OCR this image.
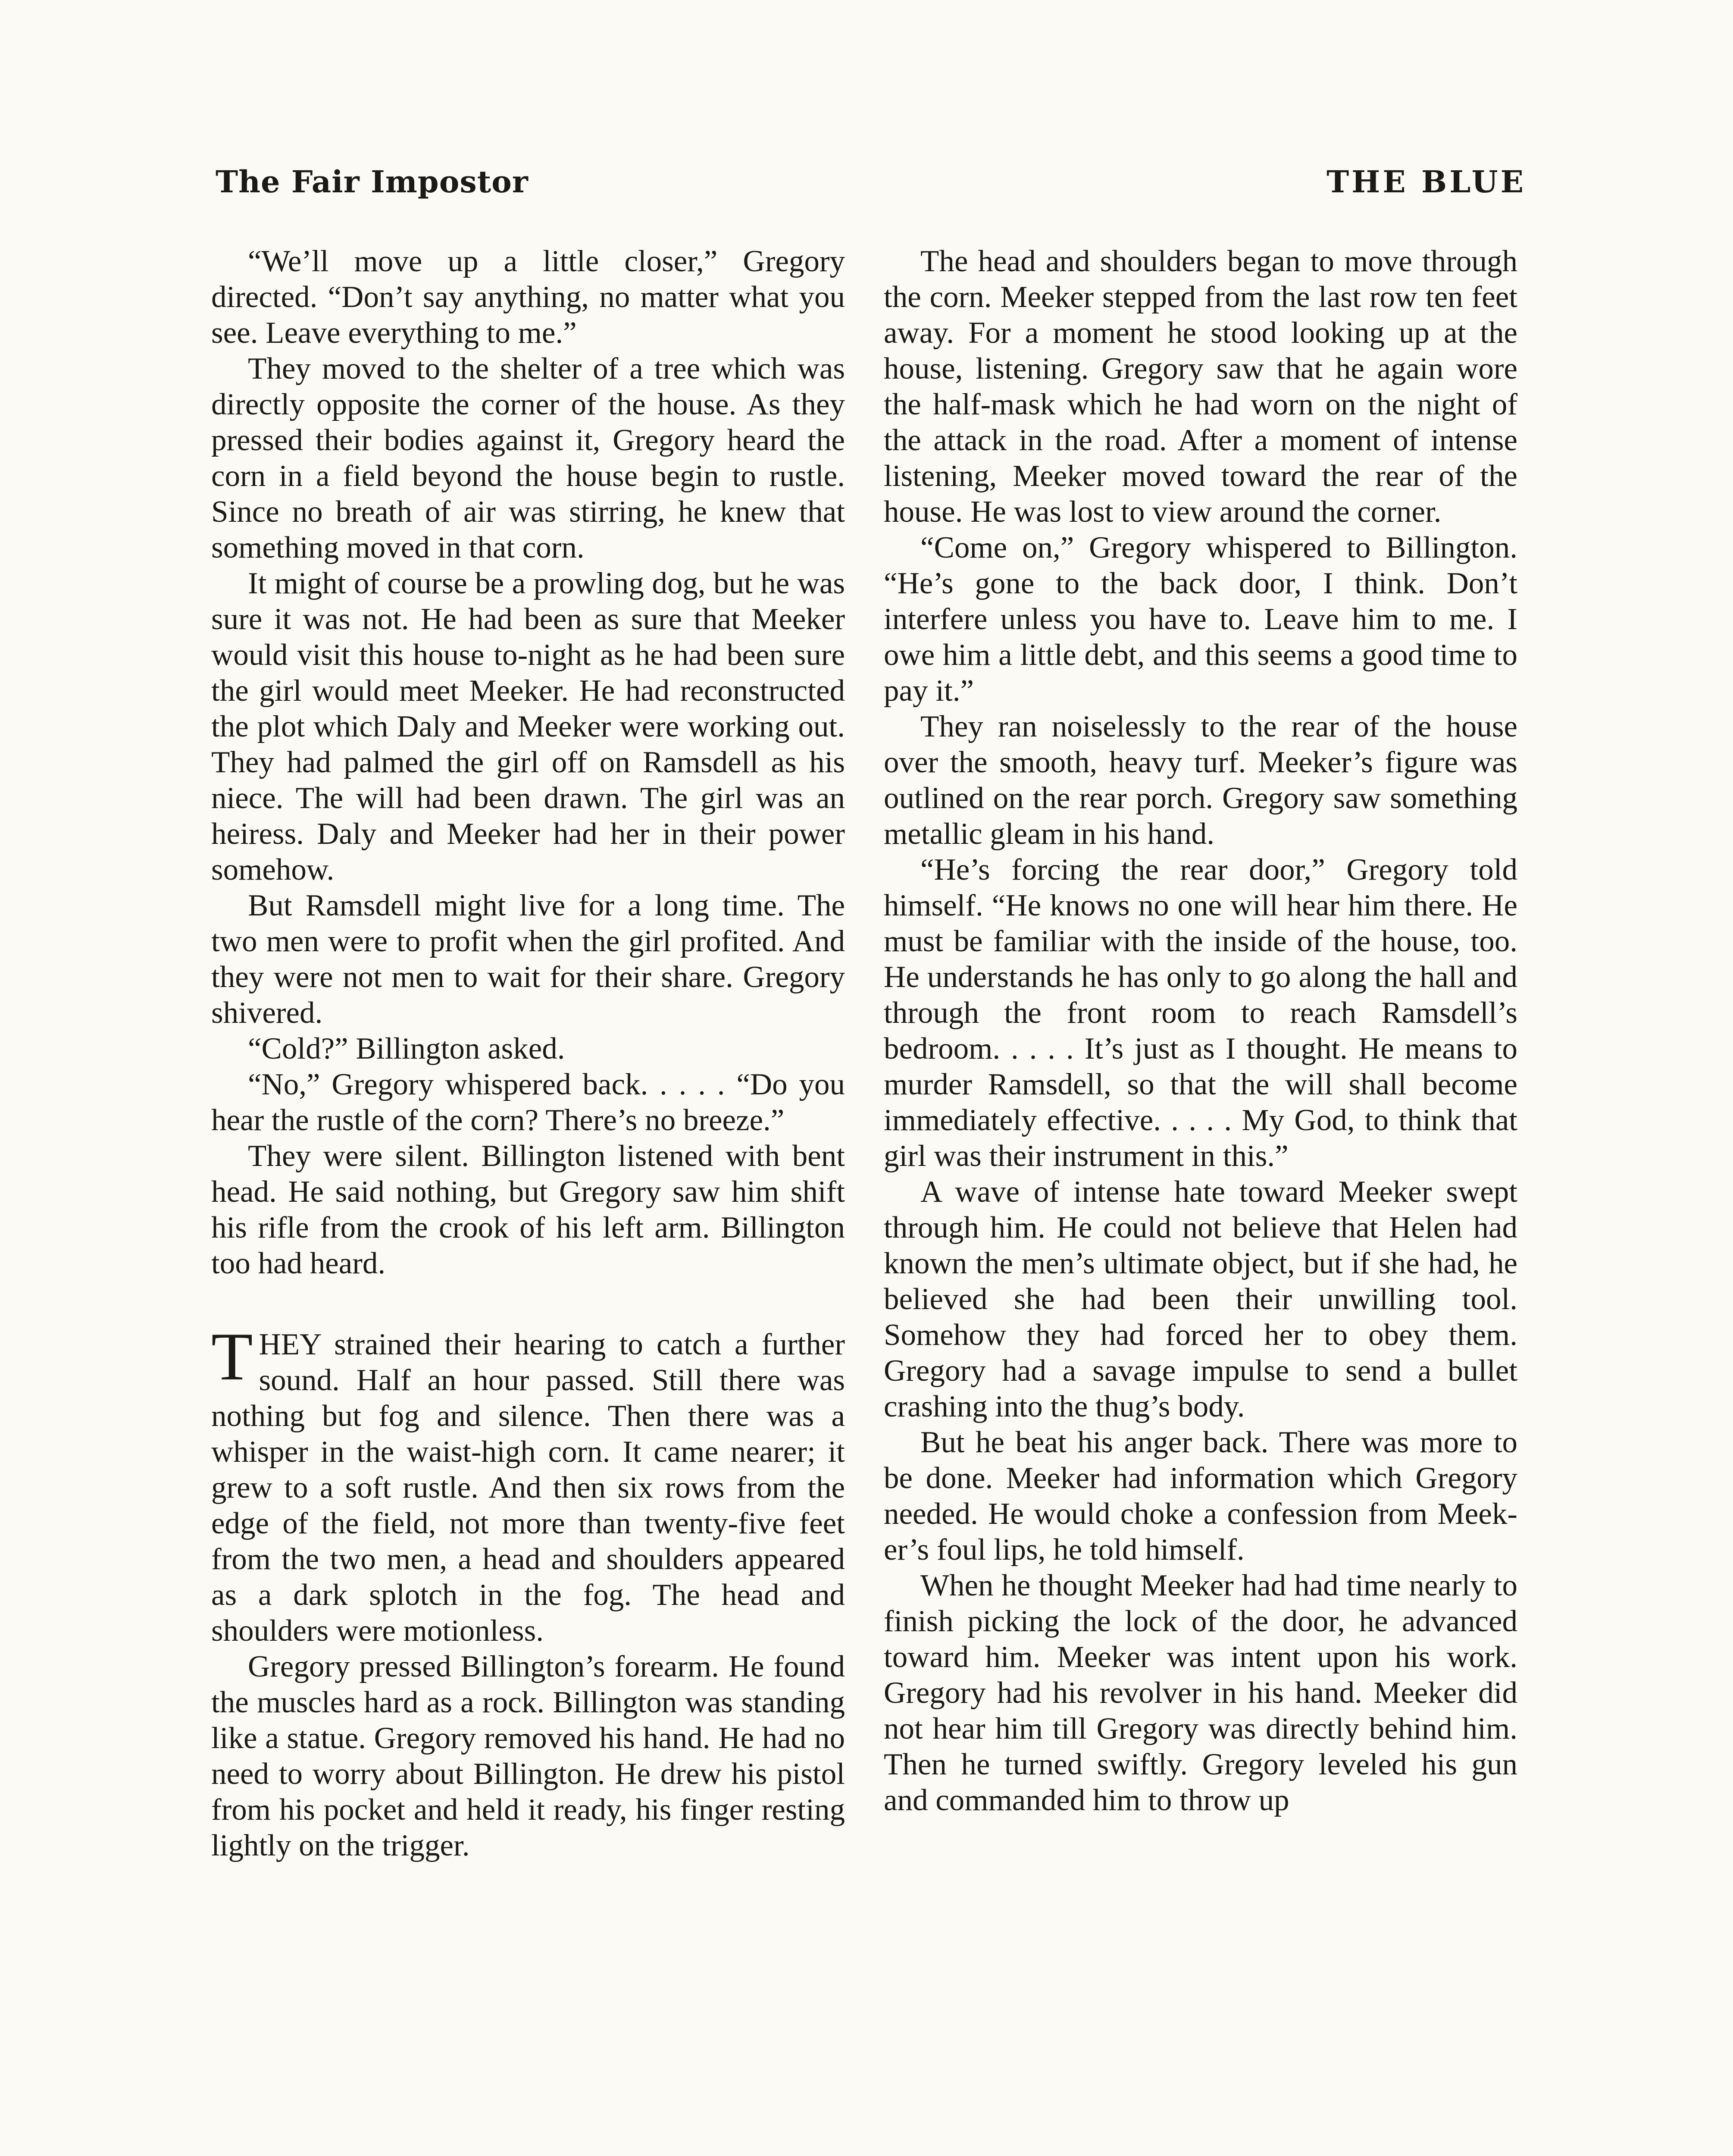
The Fair Impostor	THE BLUE

“We’ll move up a little closer,” Gregory directed. “Don’t say anything, no matter what you see. Leave everything to me.”

They moved to the shelter of a tree which was directly opposite the corner of the house. As they pressed their bodies against it, Gregory heard the corn in a field beyond the house begin to rustle. Since no breath of air was stirring, he knew that something moved in that corn.

It might of course be a prowling dog, but he was sure it was not. He had been as sure that Meeker would visit this house to-night as he had been sure the girl would meet Meeker. He had reconstructed the plot which Daly and Meeker were working out. They had palmed the girl off on Ramsdell as his niece. The will had been drawn. The girl was an heiress. Daly and Meeker had her in their power somehow.

But Ramsdell might live for a long time. The two men were to profit when the girl profited. And they were not men to wait for their share. Gregory shivered.

“Cold?” Billington asked.

“No,” Gregory whispered back. . . . . “Do you hear the rustle of the corn? There’s no breeze.”

They were silent. Billington listened with bent head. He said nothing, but Gregory saw him shift his rifle from the crook of his left arm. Billington too had heard.

THEY strained their hearing to catch a further sound. Half an hour passed. Still there was nothing but fog and silence. Then there was a whisper in the waist-high corn. It came nearer; it grew to a soft rustle. And then six rows from the edge of the field, not more than twenty-five feet from the two men, a head and shoulders appeared as a dark splotch in the fog. The head and shoulders were motionless.

Gregory pressed Billington’s forearm. He found the muscles hard as a rock. Billington was standing like a statue. Gregory removed his hand. He had no need to worry about Billington. He drew his pistol from his pocket and held it ready, his finger resting lightly on the trigger.

The head and shoulders began to move through the corn. Meeker stepped from the last row ten feet away. For a moment he stood looking up at the house, listening. Gregory saw that he again wore the half-mask which he had worn on the night of the attack in the road. After a moment of intense listening, Meeker moved toward the rear of the house. He was lost to view around the corner.

“Come on,” Gregory whispered to Billington. “He’s gone to the back door, I think. Don’t interfere unless you have to. Leave him to me. I owe him a little debt, and this seems a good time to pay it.”

They ran noiselessly to the rear of the house over the smooth, heavy turf. Meeker’s figure was outlined on the rear porch. Gregory saw something metallic gleam in his hand.

“He’s forcing the rear door,” Gregory told himself. “He knows no one will hear him there. He must be familiar with the inside of the house, too. He understands he has only to go along the hall and through the front room to reach Ramsdell’s bedroom. . . . . It’s just as I thought. He means to murder Ramsdell, so that the will shall become immediately effective. . . . . My God, to think that girl was their instrument in this.”

A wave of intense hate toward Meeker swept through him. He could not believe that Helen had known the men’s ultimate object, but if she had, he believed she had been their unwilling tool. Somehow they had forced her to obey them. Gregory had a savage impulse to send a bullet crashing into the thug’s body.

But he beat his anger back. There was more to be done. Meeker had information which Gregory needed. He would choke a confession from Meeker’s foul lips, he told himself.

When he thought Meeker had had time nearly to finish picking the lock of the door, he advanced toward him. Meeker was intent upon his work. Gregory had his revolver in his hand. Meeker did not hear him till Gregory was directly behind him. Then he turned swiftly. Gregory leveled his gun and commanded him to throw up
